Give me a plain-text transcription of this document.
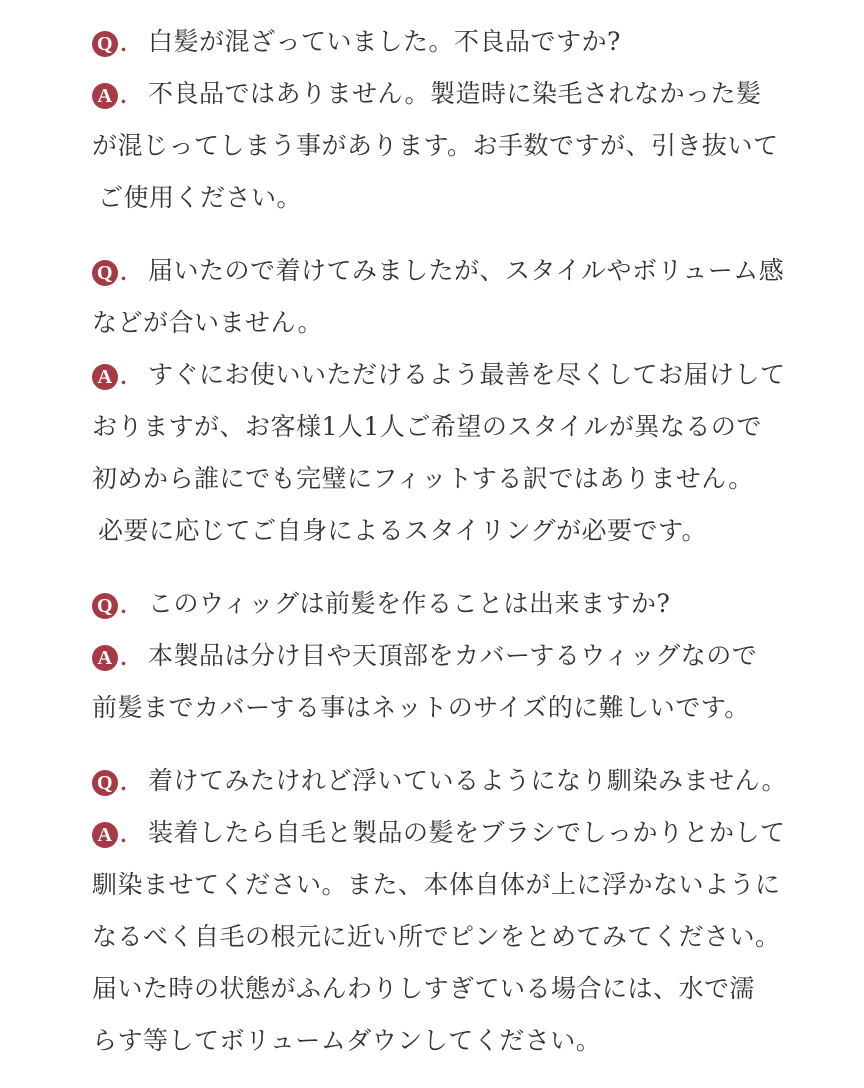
Q . 白髪が混ざっていました。不良品ですか?
A . 不良品ではありません。製造時に染毛されなかった髪
が混じってしまう事があります。お手数ですが、引き抜いて
ご使用ください。
Q . 届いたので着けてみましたが、スタイルやボリューム感
などが合いません。
A . すぐにお使いいただけるよう最善を尽くしてお届けして
おりますが、お客様1人1人ご希望のスタイルが異なるので
初めから誰にでも完璧にフィットする訳ではありません。
必要に応じてご自身によるスタイリングが必要です。
Q . このウィッグは前髪を作ることは出来ますか?
A . 本製品は分け目や天頂部をカバーするウィッグなので
前髪までカバーする事はネットのサイズ的に難しいです。
Q . 着けてみたけれど浮いているようになり馴染みません。
A . 装着したら自毛と製品の髪をブラシでしっかりとかして
馴染ませてください。また、本体自体が上に浮かないように
なるべく自毛の根元に近い所でピンをとめてみてください。
届いた時の状態がふんわりしすぎている場合には、水で濡
らす等してボリュームダウンしてください。
